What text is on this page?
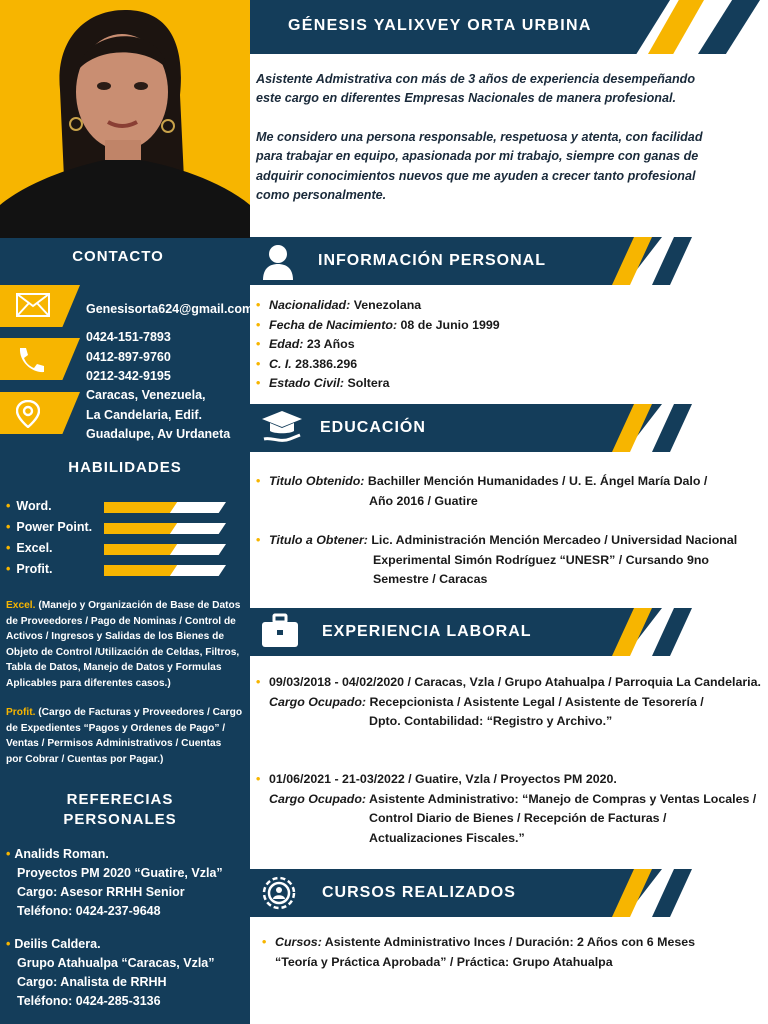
CONTACTO
Genesisorta624@gmail.com
0424-151-7893
0412-897-9760
0212-342-9195
Caracas, Venezuela,
La Candelaria, Edif.
Guadalupe, Av Urdaneta
HABILIDADES
• Word.
• Power Point.
• Excel.
• Profit.
Excel. (Manejo y Organización de Base de Datos
de Proveedores / Pago de Nominas / Control de
Activos / Ingresos y Salidas de los Bienes de
Objeto de Control /Utilización de Celdas, Filtros,
Tabla de Datos, Manejo de Datos y Formulas
Aplicables para diferentes casos.)
Profit. (Cargo de Facturas y Proveedores / Cargo
de Expedientes “Pagos y Ordenes de Pago” /
Ventas / Permisos Administrativos / Cuentas
por Cobrar / Cuentas por Pagar.)
REFERECIAS
PERSONALES
• Analids Roman.
Proyectos PM 2020 “Guatire, Vzla”
Cargo: Asesor RRHH Senior
Teléfono: 0424-237-9648
• Deilis Caldera.
Grupo Atahualpa “Caracas, Vzla”
Cargo: Analista de RRHH
Teléfono: 0424-285-3136
GÉNESIS YALIXVEY ORTA URBINA
Asistente Admistrativa con más de 3 años de experiencia desempeñando
este cargo en diferentes Empresas Nacionales de manera profesional.
Me considero una persona responsable, respetuosa y atenta, con facilidad
para trabajar en equipo, apasionada por mi trabajo, siempre con ganas de
adquirir conocimientos nuevos que me ayuden a crecer tanto profesional
como personalmente.
INFORMACIÓN PERSONAL
• Nacionalidad: Venezolana
• Fecha de Nacimiento: 08 de Junio 1999
• Edad: 23 Años
• C. I. 28.386.296
• Estado Civil: Soltera
EDUCACIÓN
• Titulo Obtenido: Bachiller Mención Humanidades / U. E. Ángel María Dalo /
Año 2016 / Guatire
• Titulo a Obtener: Lic. Administración Mención Mercadeo / Universidad Nacional
Experimental Simón Rodríguez “UNESR” / Cursando 9no
Semestre / Caracas
EXPERIENCIA LABORAL
• 09/03/2018 - 04/02/2020 / Caracas, Vzla / Grupo Atahualpa / Parroquia La Candelaria.
Cargo Ocupado: Recepcionista / Asistente Legal / Asistente de Tesorería /
Dpto. Contabilidad: “Registro y Archivo.”
• 01/06/2021 - 21-03/2022 / Guatire, Vzla / Proyectos PM 2020.
Cargo Ocupado: Asistente Administrativo: “Manejo de Compras y Ventas Locales /
Control Diario de Bienes / Recepción de Facturas /
Actualizaciones Fiscales.”
CURSOS REALIZADOS
• Cursos: Asistente Administrativo Inces / Duración: 2 Años con 6 Meses
“Teoría y Práctica Aprobada” / Práctica: Grupo Atahualpa
